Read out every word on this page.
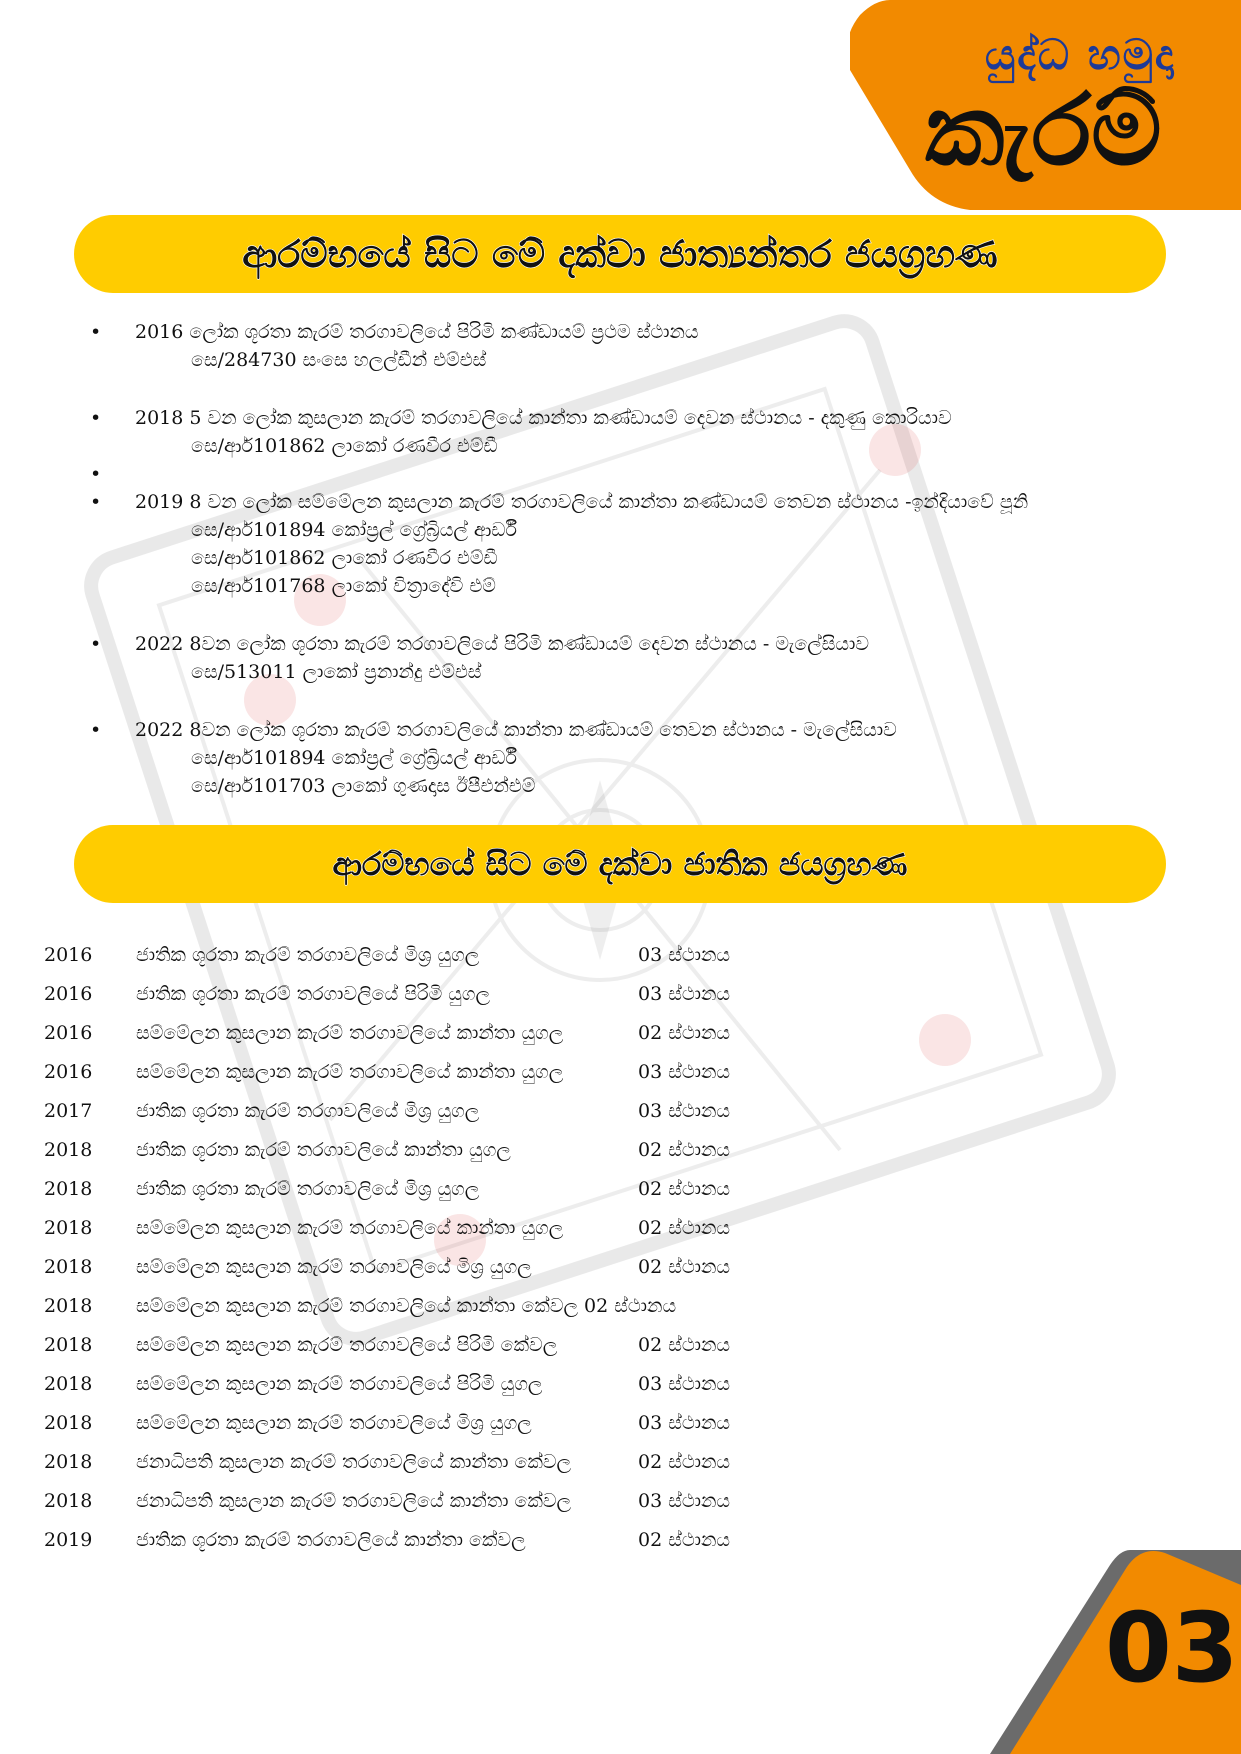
යුද්ධ හමුදා
කැරම්
ආරම්භයේ සිට මේ දක්වා ජාත්‍යන්තර ජයග්‍රහණ
•	2016 ලෝක ශූරතා කැරම් තරගාවලියේ පිරිමි කණ්ඩායම් ප්‍රථම ස්ථානය
සෙ/284730 සංසෙ හලල්ඩීන් එම්එස්
•	2018 5 වන ලෝක කුසලාන කැරම් තරගාවලියේ කාන්තා කණ්ඩායම් දෙවන ස්ථානය - දකුණු කොරියාව
සෙ/ආර්101862 ලාකෝ රණවීර එම්ඩී
•
•	2019 8 වන ලෝක සම්මේලන කුසලාන කැරම් තරගාවලියේ කාන්තා කණ්ඩායම් තෙවන ස්ථානය -ඉන්දියාවේ පූනි
සෙ/ආර්101894 කෝප්‍රල් ග්‍රේබ්‍රියල් ආර්ඩී
සෙ/ආර්101862 ලාකෝ රණවීර එම්ඩී
සෙ/ආර්101768 ලාකෝ විත්‍රාදේවි එම්
•	2022 8වන ලෝක ශූරතා කැරම් තරගාවලියේ පිරිමි කණ්ඩායම් දෙවන ස්ථානය - මැලේසියාව
සෙ/513011 ලාකෝ ප්‍රනාන්දු එම්එස්
•	2022 8වන ලෝක ශූරතා කැරම් තරගාවලියේ කාන්තා කණ්ඩායම් තෙවන ස්ථානය - මැලේසියාව
සෙ/ආර්101894 කෝප්‍රල් ග්‍රේබ්‍රියල් ආර්ඩී
සෙ/ආර්101703 ලාකෝ ගුණදාස ඊපීඑන්එම්
ආරම්භයේ සිට මේ දක්වා ජාතික ජයග්‍රහණ
2016	ජාතික ශූරතා කැරම් තරගාවලියේ මිශ්‍ර යුගල	03 ස්ථානය
2016	ජාතික ශූරතා කැරම් තරගාවලියේ පිරිමි යුගල	03 ස්ථානය
2016	සම්මේලන කුසලාන කැරම් තරගාවලියේ කාන්තා යුගල	02 ස්ථානය
2016	සම්මේලන කුසලාන කැරම් තරගාවලියේ කාන්තා යුගල	03 ස්ථානය
2017	ජාතික ශූරතා කැරම් තරගාවලියේ මිශ්‍ර යුගල	03 ස්ථානය
2018	ජාතික ශූරතා කැරම් තරගාවලියේ කාන්තා යුගල	02 ස්ථානය
2018	ජාතික ශූරතා කැරම් තරගාවලියේ මිශ්‍ර යුගල	02 ස්ථානය
2018	සම්මේලන කුසලාන කැරම් තරගාවලියේ කාන්තා යුගල	02 ස්ථානය
2018	සම්මේලන කුසලාන කැරම් තරගාවලියේ මිශ්‍ර යුගල	02 ස්ථානය
2018	සම්මේලන කුසලාන කැරම් තරගාවලියේ කාන්තා කේවල 02 ස්ථානය
2018	සම්මේලන කුසලාන කැරම් තරගාවලියේ පිරිමි කේවල	02 ස්ථානය
2018	සම්මේලන කුසලාන කැරම් තරගාවලියේ පිරිමි යුගල	03 ස්ථානය
2018	සම්මේලන කුසලාන කැරම් තරගාවලියේ මිශ්‍ර යුගල	03 ස්ථානය
2018	ජනාධිපති කුසලාන කැරම් තරගාවලියේ කාන්තා කේවල	02 ස්ථානය
2018	ජනාධිපති කුසලාන කැරම් තරගාවලියේ කාන්තා කේවල	03 ස්ථානය
2019	ජාතික ශූරතා කැරම් තරගාවලියේ කාන්තා කේවල	02 ස්ථානය
03
